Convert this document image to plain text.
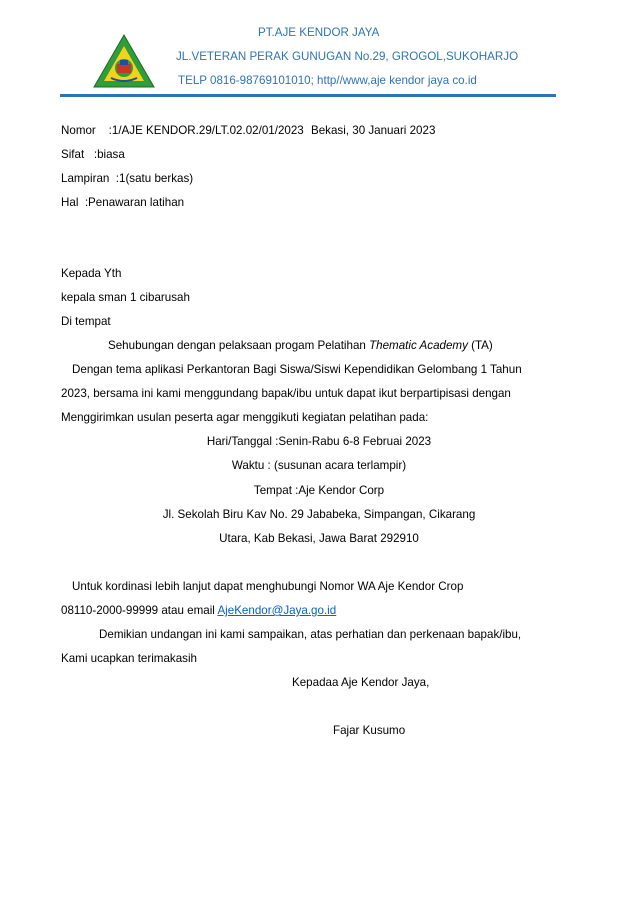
PT.AJE KENDOR JAYA
JL.VETERAN PERAK GUNUGAN No.29, GROGOL,SUKOHARJO
TELP 0816-98769101010; http//www,aje kendor jaya co.id
Nomor    :1/AJE KENDOR.29/LT.02.02/01/2023 Bekasi, 30 Januari 2023
Sifat   :biasa
Lampiran  :1(satu berkas)
Hal  :Penawaran latihan
Kepada Yth
kepala sman 1 cibarusah
Di tempat
Sehubungan dengan pelaksaan progam Pelatihan Thematic Academy (TA)
Dengan tema aplikasi Perkantoran Bagi Siswa/Siswi Kependidikan Gelombang 1 Tahun
2023, bersama ini kami menggundang bapak/ibu untuk dapat ikut berpartipisasi dengan
Menggirimkan usulan peserta agar menggikuti kegiatan pelatihan pada:
Hari/Tanggal :Senin-Rabu 6-8 Februai 2023
Waktu : (susunan acara terlampir)
Tempat :Aje Kendor Corp
Jl. Sekolah Biru Kav No. 29 Jababeka, Simpangan, Cikarang
Utara, Kab Bekasi, Jawa Barat 292910
Untuk kordinasi lebih lanjut dapat menghubungi Nomor WA Aje Kendor Crop
08110-2000-99999 atau email AjeKendor@Jaya.go.id
Demikian undangan ini kami sampaikan, atas perhatian dan perkenaan bapak/ibu,
Kami ucapkan terimakasih
Kepadaa Aje Kendor Jaya,
Fajar Kusumo
